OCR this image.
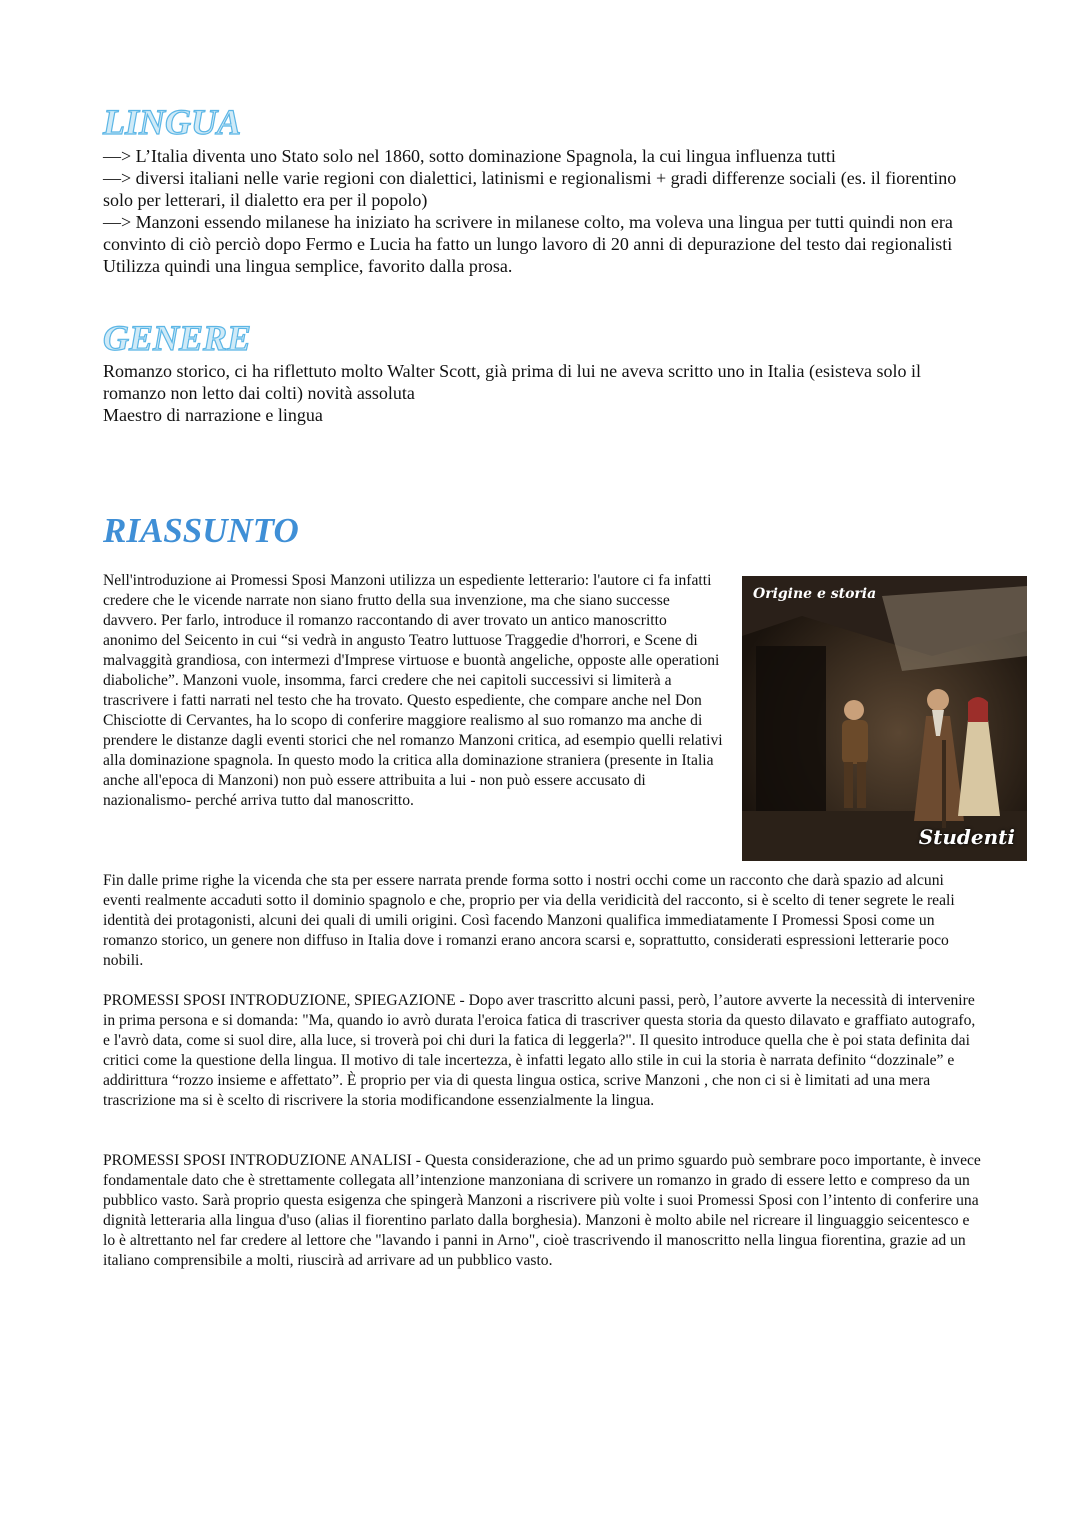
LINGUA

—> L’Italia diventa uno Stato solo nel 1860, sotto dominazione Spagnola, la cui lingua influenza tutti

—> diversi italiani nelle varie regioni con dialettici, latinismi e regionalismi + gradi differenze sociali (es. il fiorentino solo per letterari, il dialetto era per il popolo)

—> Manzoni essendo milanese ha iniziato ha scrivere in milanese colto, ma voleva una lingua per tutti quindi non era convinto di ciò perciò dopo Fermo e Lucia ha fatto un lungo lavoro di 20 anni di depurazione del testo dai regionalisti

Utilizza quindi una lingua semplice, favorito dalla prosa.

GENERE

Romanzo storico, ci ha riflettuto molto Walter Scott, già prima di lui ne aveva scritto uno in Italia (esisteva solo il romanzo non letto dai colti) novità assoluta

Maestro di narrazione e lingua

RIASSUNTO

Nell'introduzione ai Promessi Sposi Manzoni utilizza un espediente letterario: l'autore ci fa infatti credere che le vicende narrate non siano frutto della sua invenzione, ma che siano successe davvero. Per farlo, introduce il romanzo raccontando di aver trovato un antico manoscritto anonimo del Seicento in cui “si vedrà in angusto Teatro luttuose Traggedie d'horrori, e Scene di malvaggità grandiosa, con intermezi d'Imprese virtuose e buontà angeliche, opposte alle operationi diaboliche”. Manzoni vuole, insomma, farci credere che nei capitoli successivi si limiterà a trascrivere i fatti narrati nel testo che ha trovato. Questo espediente, che compare anche nel Don Chisciotte di Cervantes, ha lo scopo di conferire maggiore realismo al suo romanzo ma anche di prendere le distanze dagli eventi storici che nel romanzo Manzoni critica, ad esempio quelli relativi alla dominazione spagnola. In questo modo la critica alla dominazione straniera (presente in Italia anche all'epoca di Manzoni) non può essere attribuita a lui - non può essere accusato di nazionalismo- perché arriva tutto dal manoscritto.

Fin dalle prime righe la vicenda che sta per essere narrata prende forma sotto i nostri occhi come un racconto che darà spazio ad alcuni eventi realmente accaduti sotto il dominio spagnolo e che, proprio per via della veridicità del racconto, si è scelto di tener segrete le reali identità dei protagonisti, alcuni dei quali di umili origini. Così facendo Manzoni qualifica immediatamente I Promessi Sposi come un romanzo storico, un genere non diffuso in Italia dove i romanzi erano ancora scarsi e, soprattutto, considerati espressioni letterarie poco nobili.

PROMESSI SPOSI INTRODUZIONE, SPIEGAZIONE - Dopo aver trascritto alcuni passi, però, l’autore avverte la necessità di intervenire in prima persona e si domanda: "Ma, quando io avrò durata l'eroica fatica di trascriver questa storia da questo dilavato e graffiato autografo, e l'avrò data, come si suol dire, alla luce, si troverà poi chi duri la fatica di leggerla?". Il quesito introduce quella che è poi stata definita dai critici come la questione della lingua. Il motivo di tale incertezza, è infatti legato allo stile in cui la storia è narrata definito “dozzinale” e addirittura “rozzo insieme e affettato”. È proprio per via di questa lingua ostica, scrive Manzoni , che non ci si è limitati ad una mera trascrizione ma si è scelto di riscrivere la storia modificandone essenzialmente la lingua.

PROMESSI SPOSI INTRODUZIONE ANALISI - Questa considerazione, che ad un primo sguardo può sembrare poco importante, è invece fondamentale dato che è strettamente collegata all’intenzione manzoniana di scrivere un romanzo in grado di essere letto e compreso da un pubblico vasto. Sarà proprio questa esigenza che spingerà Manzoni a riscrivere più volte i suoi Promessi Sposi con l’intento di conferire una dignità letteraria alla lingua d'uso (alias il fiorentino parlato dalla borghesia). Manzoni è molto abile nel ricreare il linguaggio seicentesco e lo è altrettanto nel far credere al lettore che "lavando i panni in Arno", cioè trascrivendo il manoscritto nella lingua fiorentina, grazie ad un italiano comprensibile a molti, riuscirà ad arrivare ad un pubblico vasto.

Origine e storia
Studenti
